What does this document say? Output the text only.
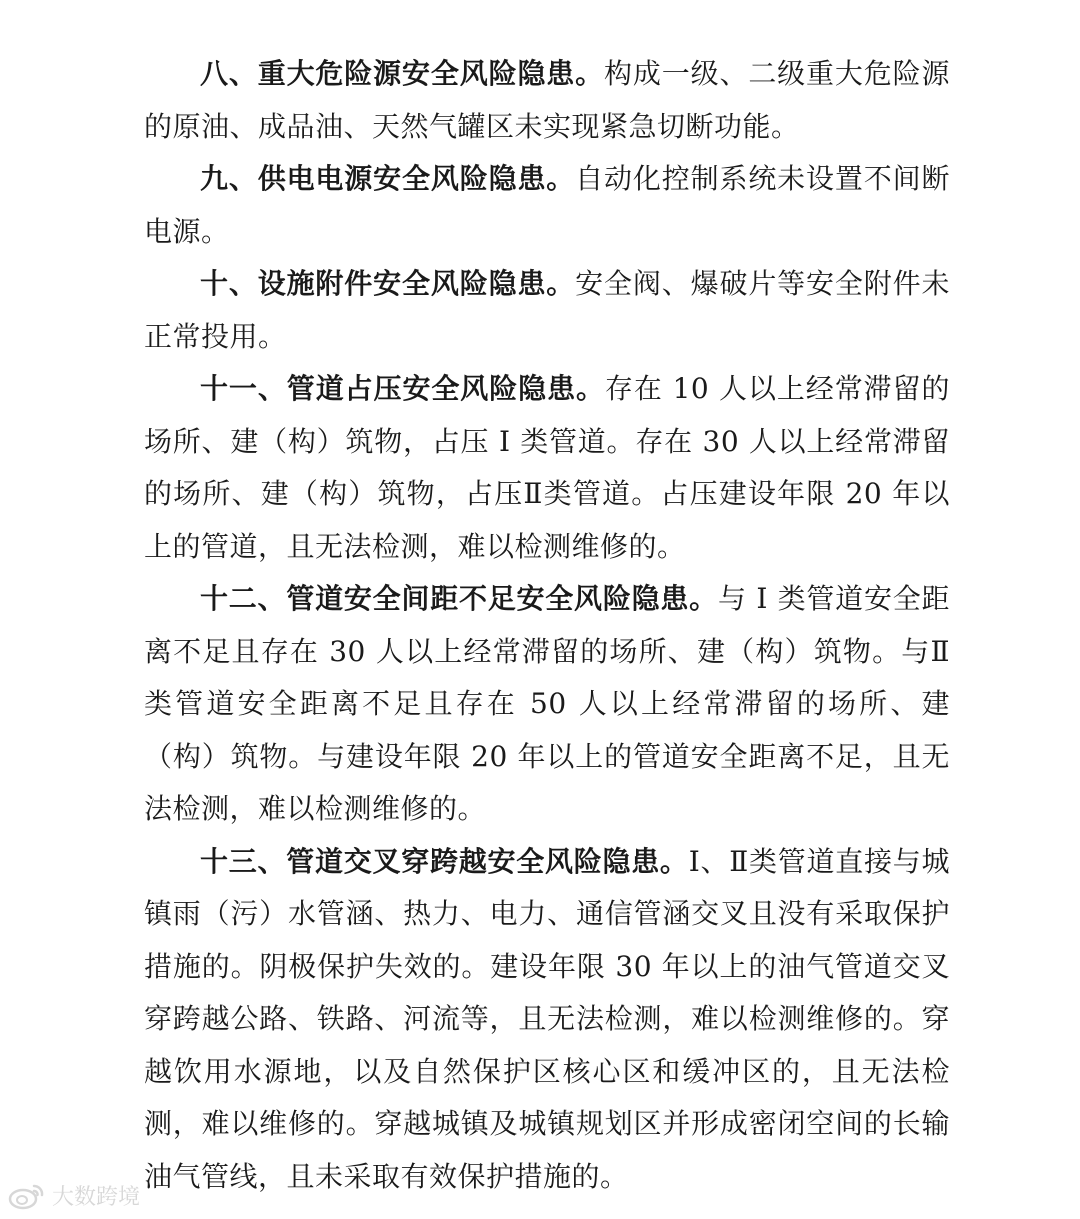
八、重大危险源安全风险隐患。构成一级、二级重大危险源的原油、成品油、天然气罐区未实现紧急切断功能。

九、供电电源安全风险隐患。自动化控制系统未设置不间断电源。

十、设施附件安全风险隐患。安全阀、爆破片等安全附件未正常投用。

十一、管道占压安全风险隐患。存在 10 人以上经常滞留的场所、建（构）筑物，占压 I 类管道。存在 30 人以上经常滞留的场所、建（构）筑物，占压Ⅱ类管道。占压建设年限 20 年以上的管道，且无法检测，难以检测维修的。

十二、管道安全间距不足安全风险隐患。与 I 类管道安全距离不足且存在 30 人以上经常滞留的场所、建（构）筑物。与Ⅱ类管道安全距离不足且存在 50 人以上经常滞留的场所、建（构）筑物。与建设年限 20 年以上的管道安全距离不足，且无法检测，难以检测维修的。

十三、管道交叉穿跨越安全风险隐患。Ⅰ、Ⅱ类管道直接与城镇雨（污）水管涵、热力、电力、通信管涵交叉且没有采取保护措施的。阴极保护失效的。建设年限 30 年以上的油气管道交叉穿跨越公路、铁路、河流等，且无法检测，难以检测维修的。穿越饮用水源地，以及自然保护区核心区和缓冲区的，且无法检测，难以维修的。穿越城镇及城镇规划区并形成密闭空间的长输油气管线，且未采取有效保护措施的。

大数跨境
